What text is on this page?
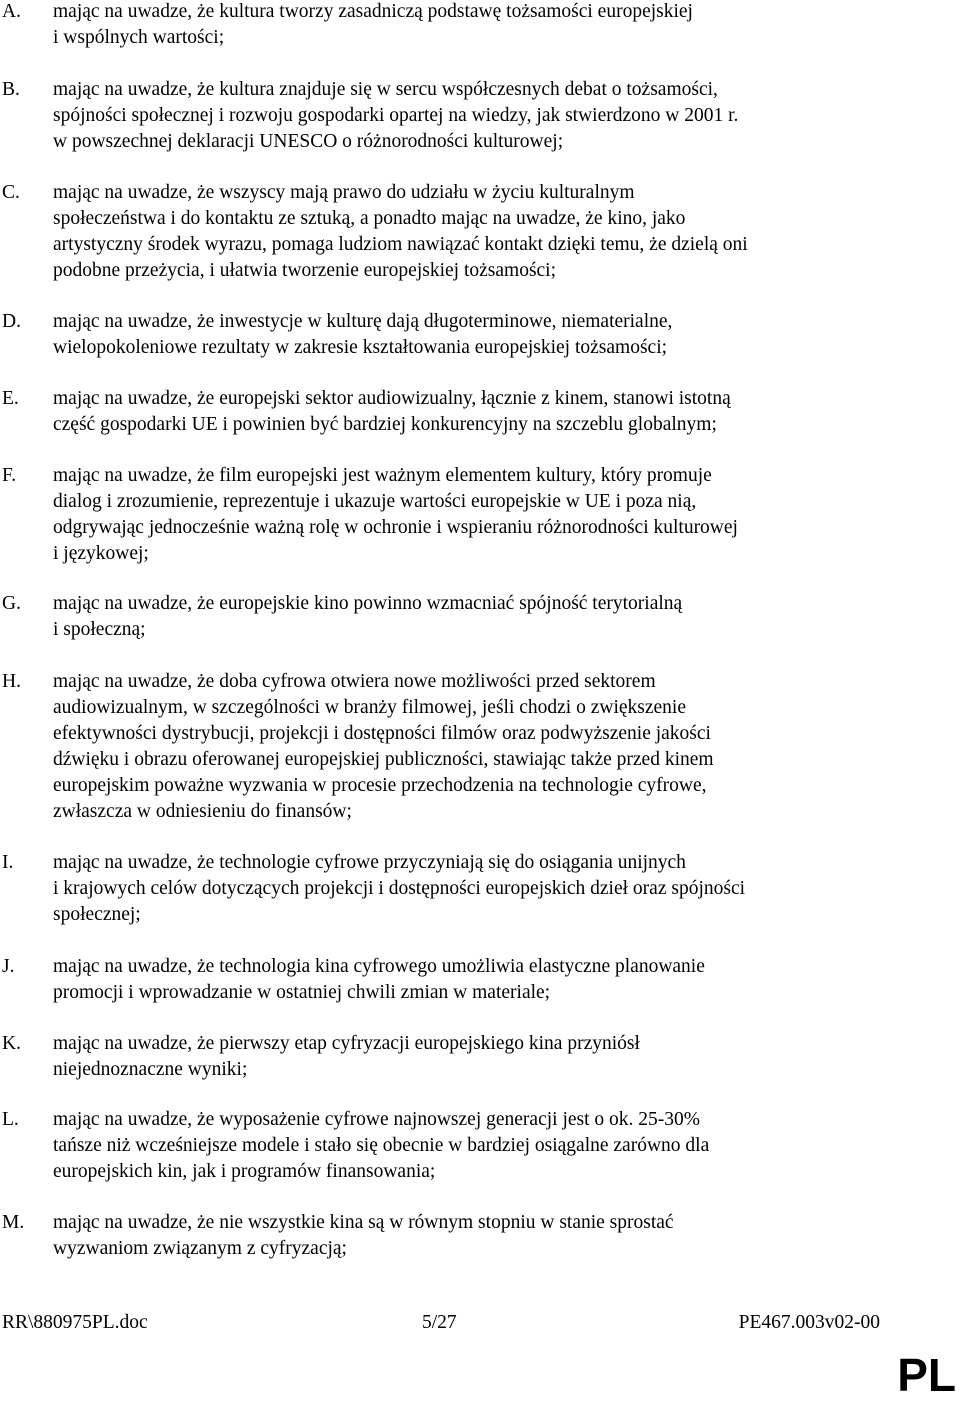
A. mając na uwadze, że kultura tworzy zasadniczą podstawę tożsamości europejskiej
i wspólnych wartości;
B. mając na uwadze, że kultura znajduje się w sercu współczesnych debat o tożsamości,
spójności społecznej i rozwoju gospodarki opartej na wiedzy, jak stwierdzono w 2001 r.
w powszechnej deklaracji UNESCO o różnorodności kulturowej;
C. mając na uwadze, że wszyscy mają prawo do udziału w życiu kulturalnym
społeczeństwa i do kontaktu ze sztuką, a ponadto mając na uwadze, że kino, jako
artystyczny środek wyrazu, pomaga ludziom nawiązać kontakt dzięki temu, że dzielą oni
podobne przeżycia, i ułatwia tworzenie europejskiej tożsamości;
D. mając na uwadze, że inwestycje w kulturę dają długoterminowe, niematerialne,
wielopokoleniowe rezultaty w zakresie kształtowania europejskiej tożsamości;
E. mając na uwadze, że europejski sektor audiowizualny, łącznie z kinem, stanowi istotną
część gospodarki UE i powinien być bardziej konkurencyjny na szczeblu globalnym;
F. mając na uwadze, że film europejski jest ważnym elementem kultury, który promuje
dialog i zrozumienie, reprezentuje i ukazuje wartości europejskie w UE i poza nią,
odgrywając jednocześnie ważną rolę w ochronie i wspieraniu różnorodności kulturowej
i językowej;
G. mając na uwadze, że europejskie kino powinno wzmacniać spójność terytorialną
i społeczną;
H. mając na uwadze, że doba cyfrowa otwiera nowe możliwości przed sektorem
audiowizualnym, w szczególności w branży filmowej, jeśli chodzi o zwiększenie
efektywności dystrybucji, projekcji i dostępności filmów oraz podwyższenie jakości
dźwięku i obrazu oferowanej europejskiej publiczności, stawiając także przed kinem
europejskim poważne wyzwania w procesie przechodzenia na technologie cyfrowe,
zwłaszcza w odniesieniu do finansów;
I. mając na uwadze, że technologie cyfrowe przyczyniają się do osiągania unijnych
i krajowych celów dotyczących projekcji i dostępności europejskich dzieł oraz spójności
społecznej;
J. mając na uwadze, że technologia kina cyfrowego umożliwia elastyczne planowanie
promocji i wprowadzanie w ostatniej chwili zmian w materiale;
K. mając na uwadze, że pierwszy etap cyfryzacji europejskiego kina przyniósł
niejednoznaczne wyniki;
L. mając na uwadze, że wyposażenie cyfrowe najnowszej generacji jest o ok. 25-30%
tańsze niż wcześniejsze modele i stało się obecnie w bardziej osiągalne zarówno dla
europejskich kin, jak i programów finansowania;
M. mając na uwadze, że nie wszystkie kina są w równym stopniu w stanie sprostać
wyzwaniom związanym z cyfryzacją;
RR\880975PL.doc	5/27	PE467.003v02-00
PL
